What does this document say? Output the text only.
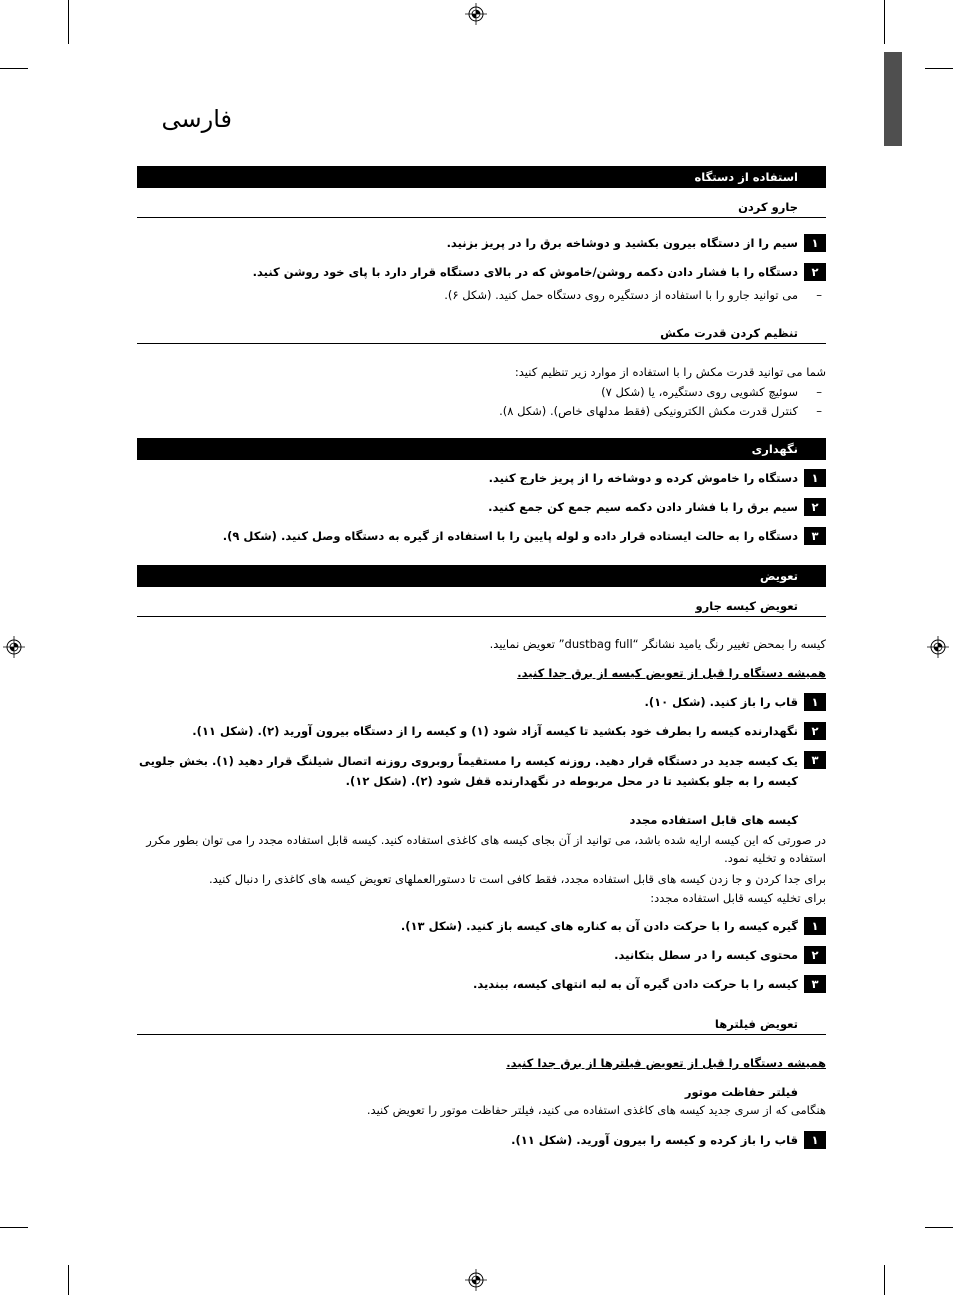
فارسی
استفاده از دستگاه
جارو کردن
۱
سیم را از دستگاه بیرون بکشید و دوشاخه برق را در پریز بزنید.
۲
دستگاه را با فشار دادن دکمه روشن/خاموش که در بالای دستگاه قرار دارد با پای خود روشن کنید.
–
می توانید جارو را با استفاده از دستگیره روی دستگاه حمل کنید. (شکل ۶).
تنظیم کردن قدرت مکش
شما می توانید قدرت مکش را با استفاده از موارد زیر تنظیم کنید:
–
سوئیچ کشویی روی دستگیره، یا (شکل ۷)
–
کنترل قدرت مکش الکترونیکی (فقط مدلهای خاص). (شکل ۸).
نگهداری
۱
دستگاه را خاموش کرده و دوشاخه را از پریز خارج کنید.
۲
سیم برق را با فشار دادن دکمه سیم جمع کن جمع کنید.
۳
دستگاه را به حالت ایستاده قرار داده و لوله پایین را با استفاده از گیره به دستگاه وصل کنید. (شکل ۹).
تعویض
تعویض کیسه جارو
کیسه را بمحض تغییر رنگ یامید نشانگر “dustbag full” تعویض نمایید.
همیشه دستگاه را قبل از تعویض کیسه از برق جدا کنید.
۱
قاب را باز کنید. (شکل ۱۰).
۲
نگهدارنده کیسه را بطرف خود بکشید تا کیسه آزاد شود (۱) و کیسه را از دستگاه بیرون آورید (۲). (شکل ۱۱).
۳
یک کیسه جدید در دستگاه قرار دهید. روزنه کیسه را مستقیماً روبروی روزنه اتصال شیلنگ قرار دهید (۱). بخش جلویی کیسه را به جلو بکشید تا در محل مربوطه در نگهدارنده قفل شود (۲). (شکل ۱۲).
کیسه های قابل استفاده مجدد
در صورتی که این کیسه ارایه شده باشد، می توانید از آن بجای کیسه های کاغذی استفاده کنید. کیسه قابل استفاده مجدد را می توان بطور مکرر استفاده و تخلیه نمود.
برای جدا کردن و جا زدن کیسه های قابل استفاده مجدد، فقط کافی است تا دستورالعملهای تعویض کیسه های کاغذی را دنبال کنید.
برای تخلیه کیسه قابل استفاده مجدد:
۱
گیره کیسه را با حرکت دادن آن به کناره های کیسه باز کنید. (شکل ۱۳).
۲
محتوی کیسه را در سطل بتکانید.
۳
کیسه را با حرکت دادن گیره آن به لبه انتهای کیسه، ببندید.
تعویض فیلترها
همیشه دستگاه را قبل از تعویض فیلترها از برق جدا کنید.
فیلتر حفاظت موتور
هنگامی که از سری جدید کیسه های کاغذی استفاده می کنید، فیلتر حفاظت موتور را تعویض کنید.
۱
قاب را باز کرده و کیسه را بیرون آورید. (شکل ۱۱).
